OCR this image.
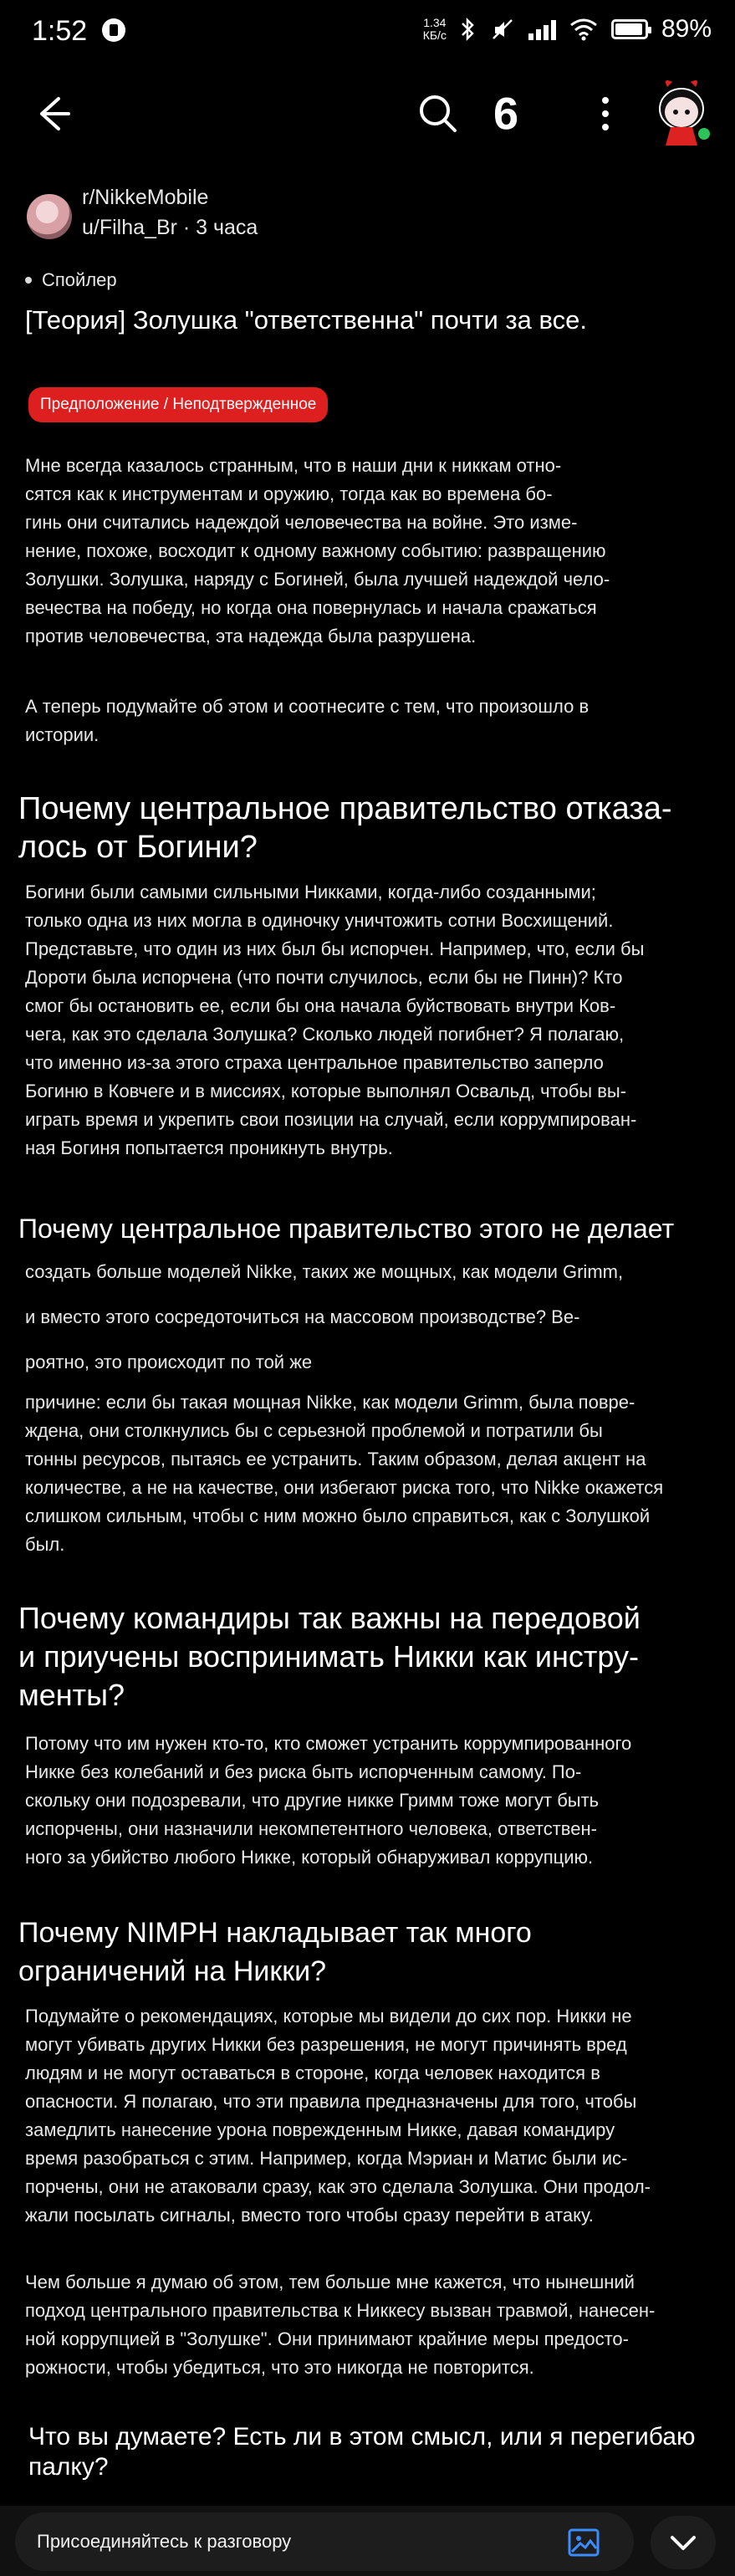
1:52	1.34
КБ/с	89%
9
r/NikkeMobile
u/Filha_Br · 3 часа
Спойлер
[Теория] Золушка "ответственна" почти за все.
Предположение / Неподтвержденное
Мне всегда казалось странным, что в наши дни к никкам отно-
сятся как к инструментам и оружию, тогда как во времена бо-
гинь они считались надеждой человечества на войне. Это изме-
нение, похоже, восходит к одному важному событию: развращению
Золушки. Золушка, наряду с Богиней, была лучшей надеждой чело-
вечества на победу, но когда она повернулась и начала сражаться
против человечества, эта надежда была разрушена.
А теперь подумайте об этом и соотнесите с тем, что произошло в
истории.
Почему центральное правительство отказа-
лось от Богини?
Богини были самыми сильными Никками, когда-либо созданными;
только одна из них могла в одиночку уничтожить сотни Восхищений.
Представьте, что один из них был бы испорчен. Например, что, если бы
Дороти была испорчена (что почти случилось, если бы не Пинн)? Кто
смог бы остановить ее, если бы она начала буйствовать внутри Ков-
чега, как это сделала Золушка? Сколько людей погибнет? Я полагаю,
что именно из-за этого страха центральное правительство заперло
Богиню в Ковчеге и в миссиях, которые выполнял Освальд, чтобы вы-
играть время и укрепить свои позиции на случай, если коррумпирован-
ная Богиня попытается проникнуть внутрь.
Почему центральное правительство этого не делает
создать больше моделей Nikke, таких же мощных, как модели Grimm,
и вместо этого сосредоточиться на массовом производстве? Ве-
роятно, это происходит по той же
причине: если бы такая мощная Nikke, как модели Grimm, была повре-
ждена, они столкнулись бы с серьезной проблемой и потратили бы
тонны ресурсов, пытаясь ее устранить. Таким образом, делая акцент на
количестве, а не на качестве, они избегают риска того, что Nikke окажется
слишком сильным, чтобы с ним можно было справиться, как с Золушкой
был.
Почему командиры так важны на передовой
и приучены воспринимать Никки как инстру-
менты?
Потому что им нужен кто-то, кто сможет устранить коррумпированного
Никке без колебаний и без риска быть испорченным самому. По-
скольку они подозревали, что другие никке Гримм тоже могут быть
испорчены, они назначили некомпетентного человека, ответствен-
ного за убийство любого Никке, который обнаруживал коррупцию.
Почему NIMPH накладывает так много
ограничений на Никки?
Подумайте о рекомендациях, которые мы видели до сих пор. Никки не
могут убивать других Никки без разрешения, не могут причинять вред
людям и не могут оставаться в стороне, когда человек находится в
опасности. Я полагаю, что эти правила предназначены для того, чтобы
замедлить нанесение урона поврежденным Никке, давая командиру
время разобраться с этим. Например, когда Мэриан и Матис были ис-
порчены, они не атаковали сразу, как это сделала Золушка. Они продол-
жали посылать сигналы, вместо того чтобы сразу перейти в атаку.
Чем больше я думаю об этом, тем больше мне кажется, что нынешний
подход центрального правительства к Никкесу вызван травмой, нанесен-
ной коррупцией в "Золушке". Они принимают крайние меры предосто-
рожности, чтобы убедиться, что это никогда не повторится.
Что вы думаете? Есть ли в этом смысл, или я перегибаю
палку?
Присоединяйтесь к разговору
